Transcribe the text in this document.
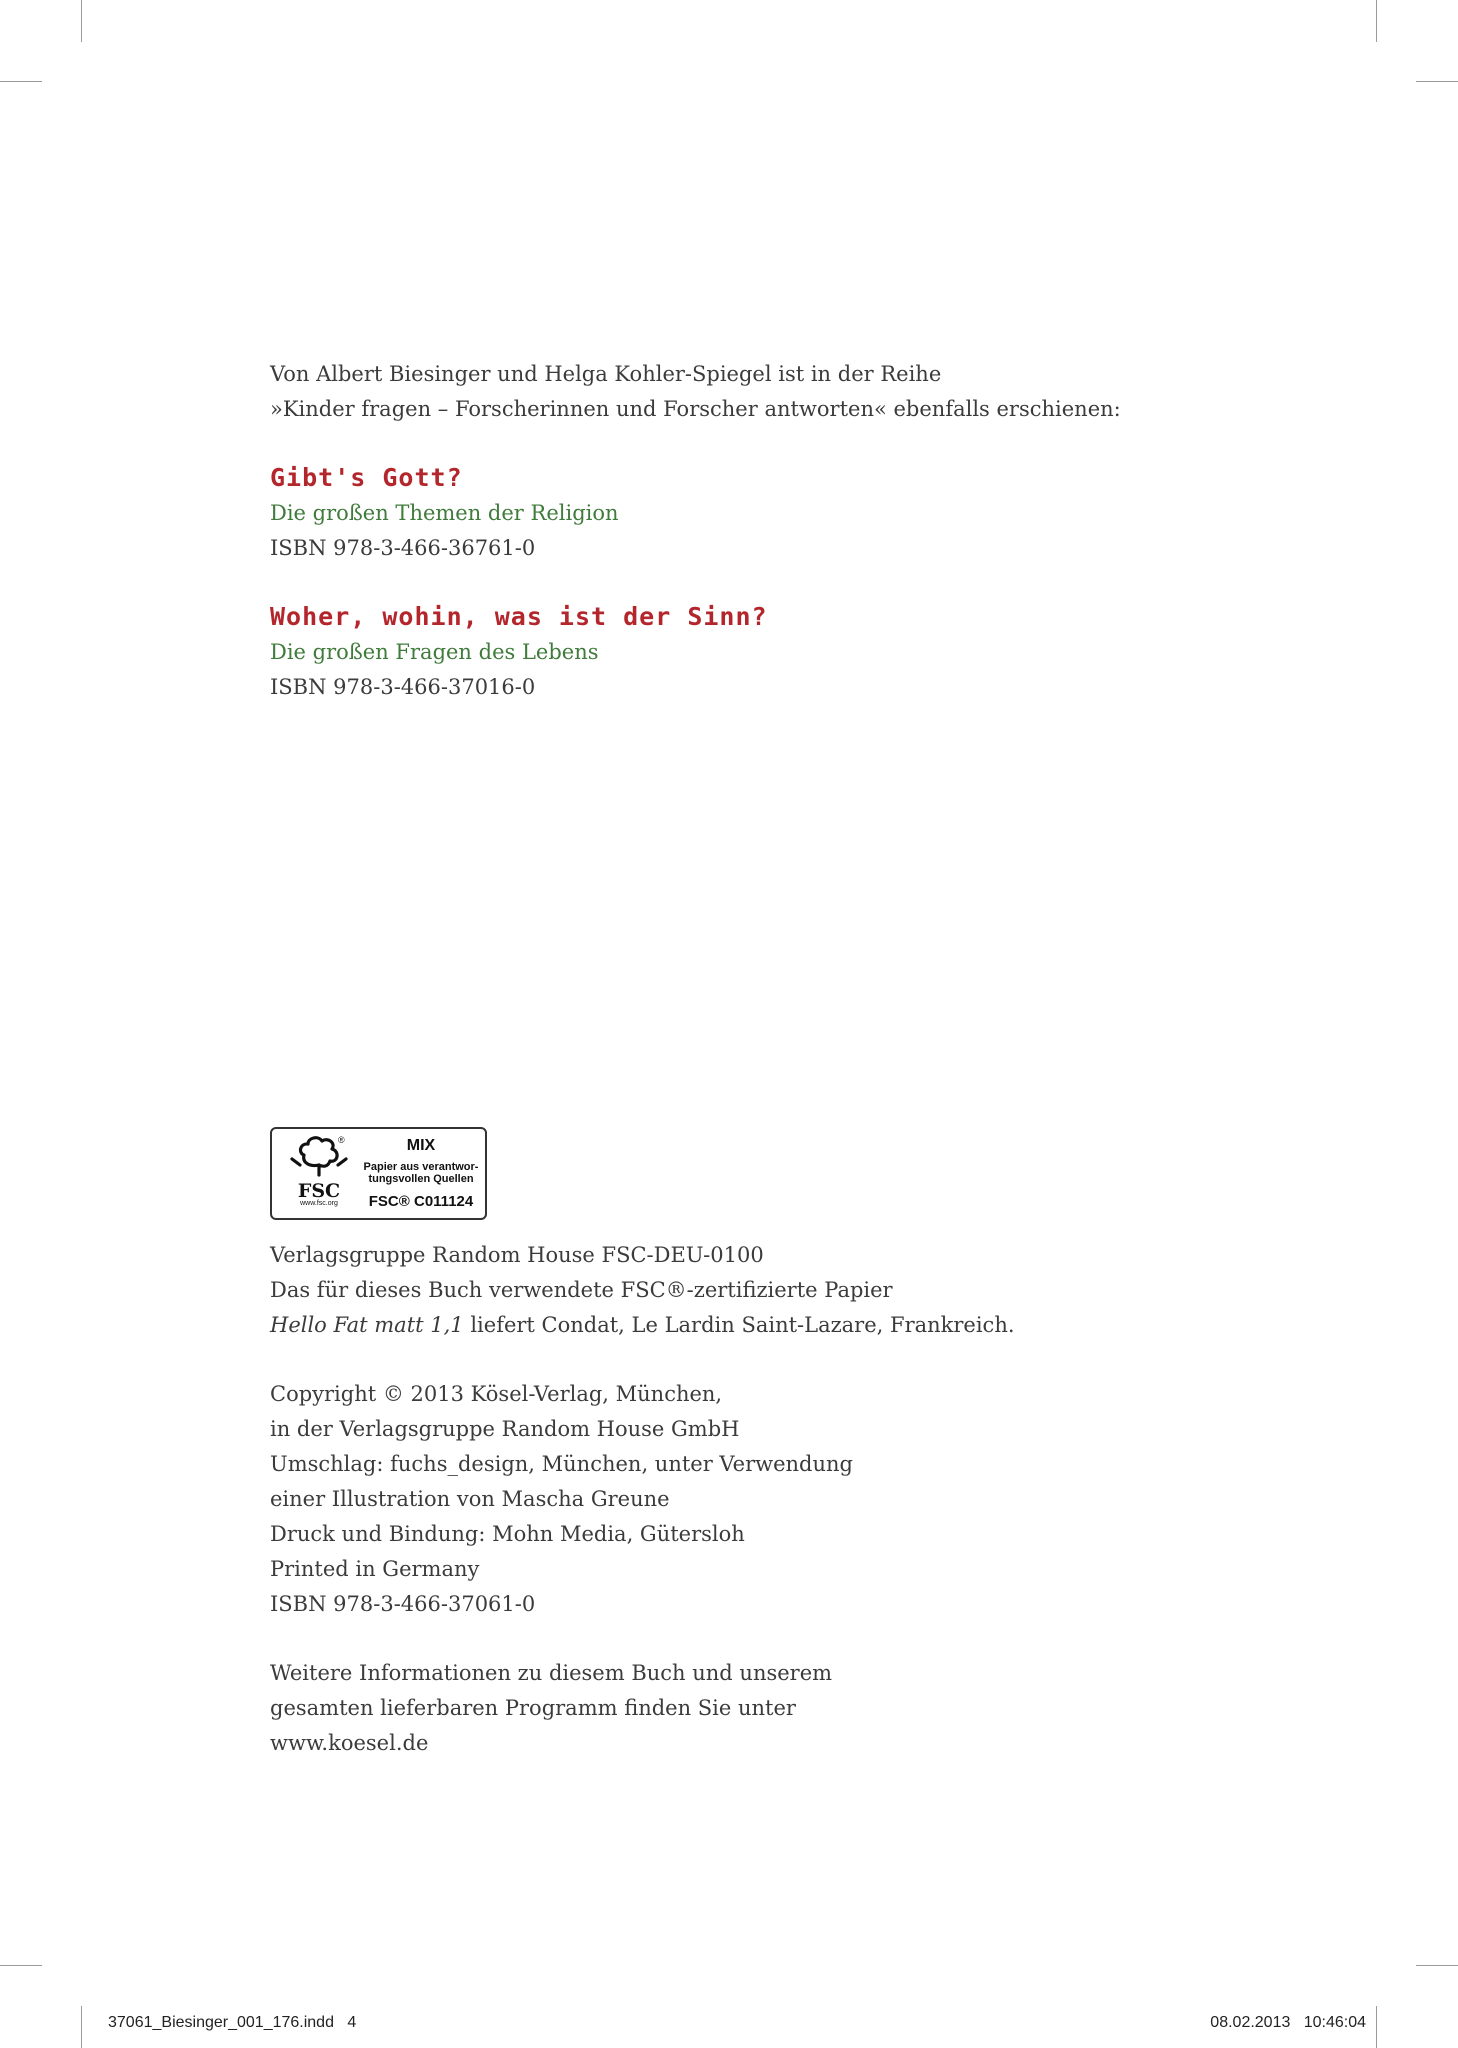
Von Albert Biesinger und Helga Kohler-Spiegel ist in der Reihe
»Kinder fragen – Forscherinnen und Forscher antworten« ebenfalls erschienen:
Gibt's Gott?
Die großen Themen der Religion
ISBN 978-3-466-36761-0
Woher, wohin, was ist der Sinn?
Die großen Fragen des Lebens
ISBN 978-3-466-37016-0
®
FSC
www.fsc.org
MIX
Papier aus verantwor-
tungsvollen Quellen
FSC® C011124
Verlagsgruppe Random House FSC-DEU-0100
Das für dieses Buch verwendete FSC®-zertifizierte Papier
Hello Fat matt 1,1 liefert Condat, Le Lardin Saint-Lazare, Frankreich.
Copyright © 2013 Kösel-Verlag, München,
in der Verlagsgruppe Random House GmbH
Umschlag: fuchs_design, München, unter Verwendung
einer Illustration von Mascha Greune
Druck und Bindung: Mohn Media, Gütersloh
Printed in Germany
ISBN 978-3-466-37061-0
Weitere Informationen zu diesem Buch und unserem
gesamten lieferbaren Programm finden Sie unter
www.koesel.de
37061_Biesinger_001_176.indd   4	08.02.2013   10:46:04
